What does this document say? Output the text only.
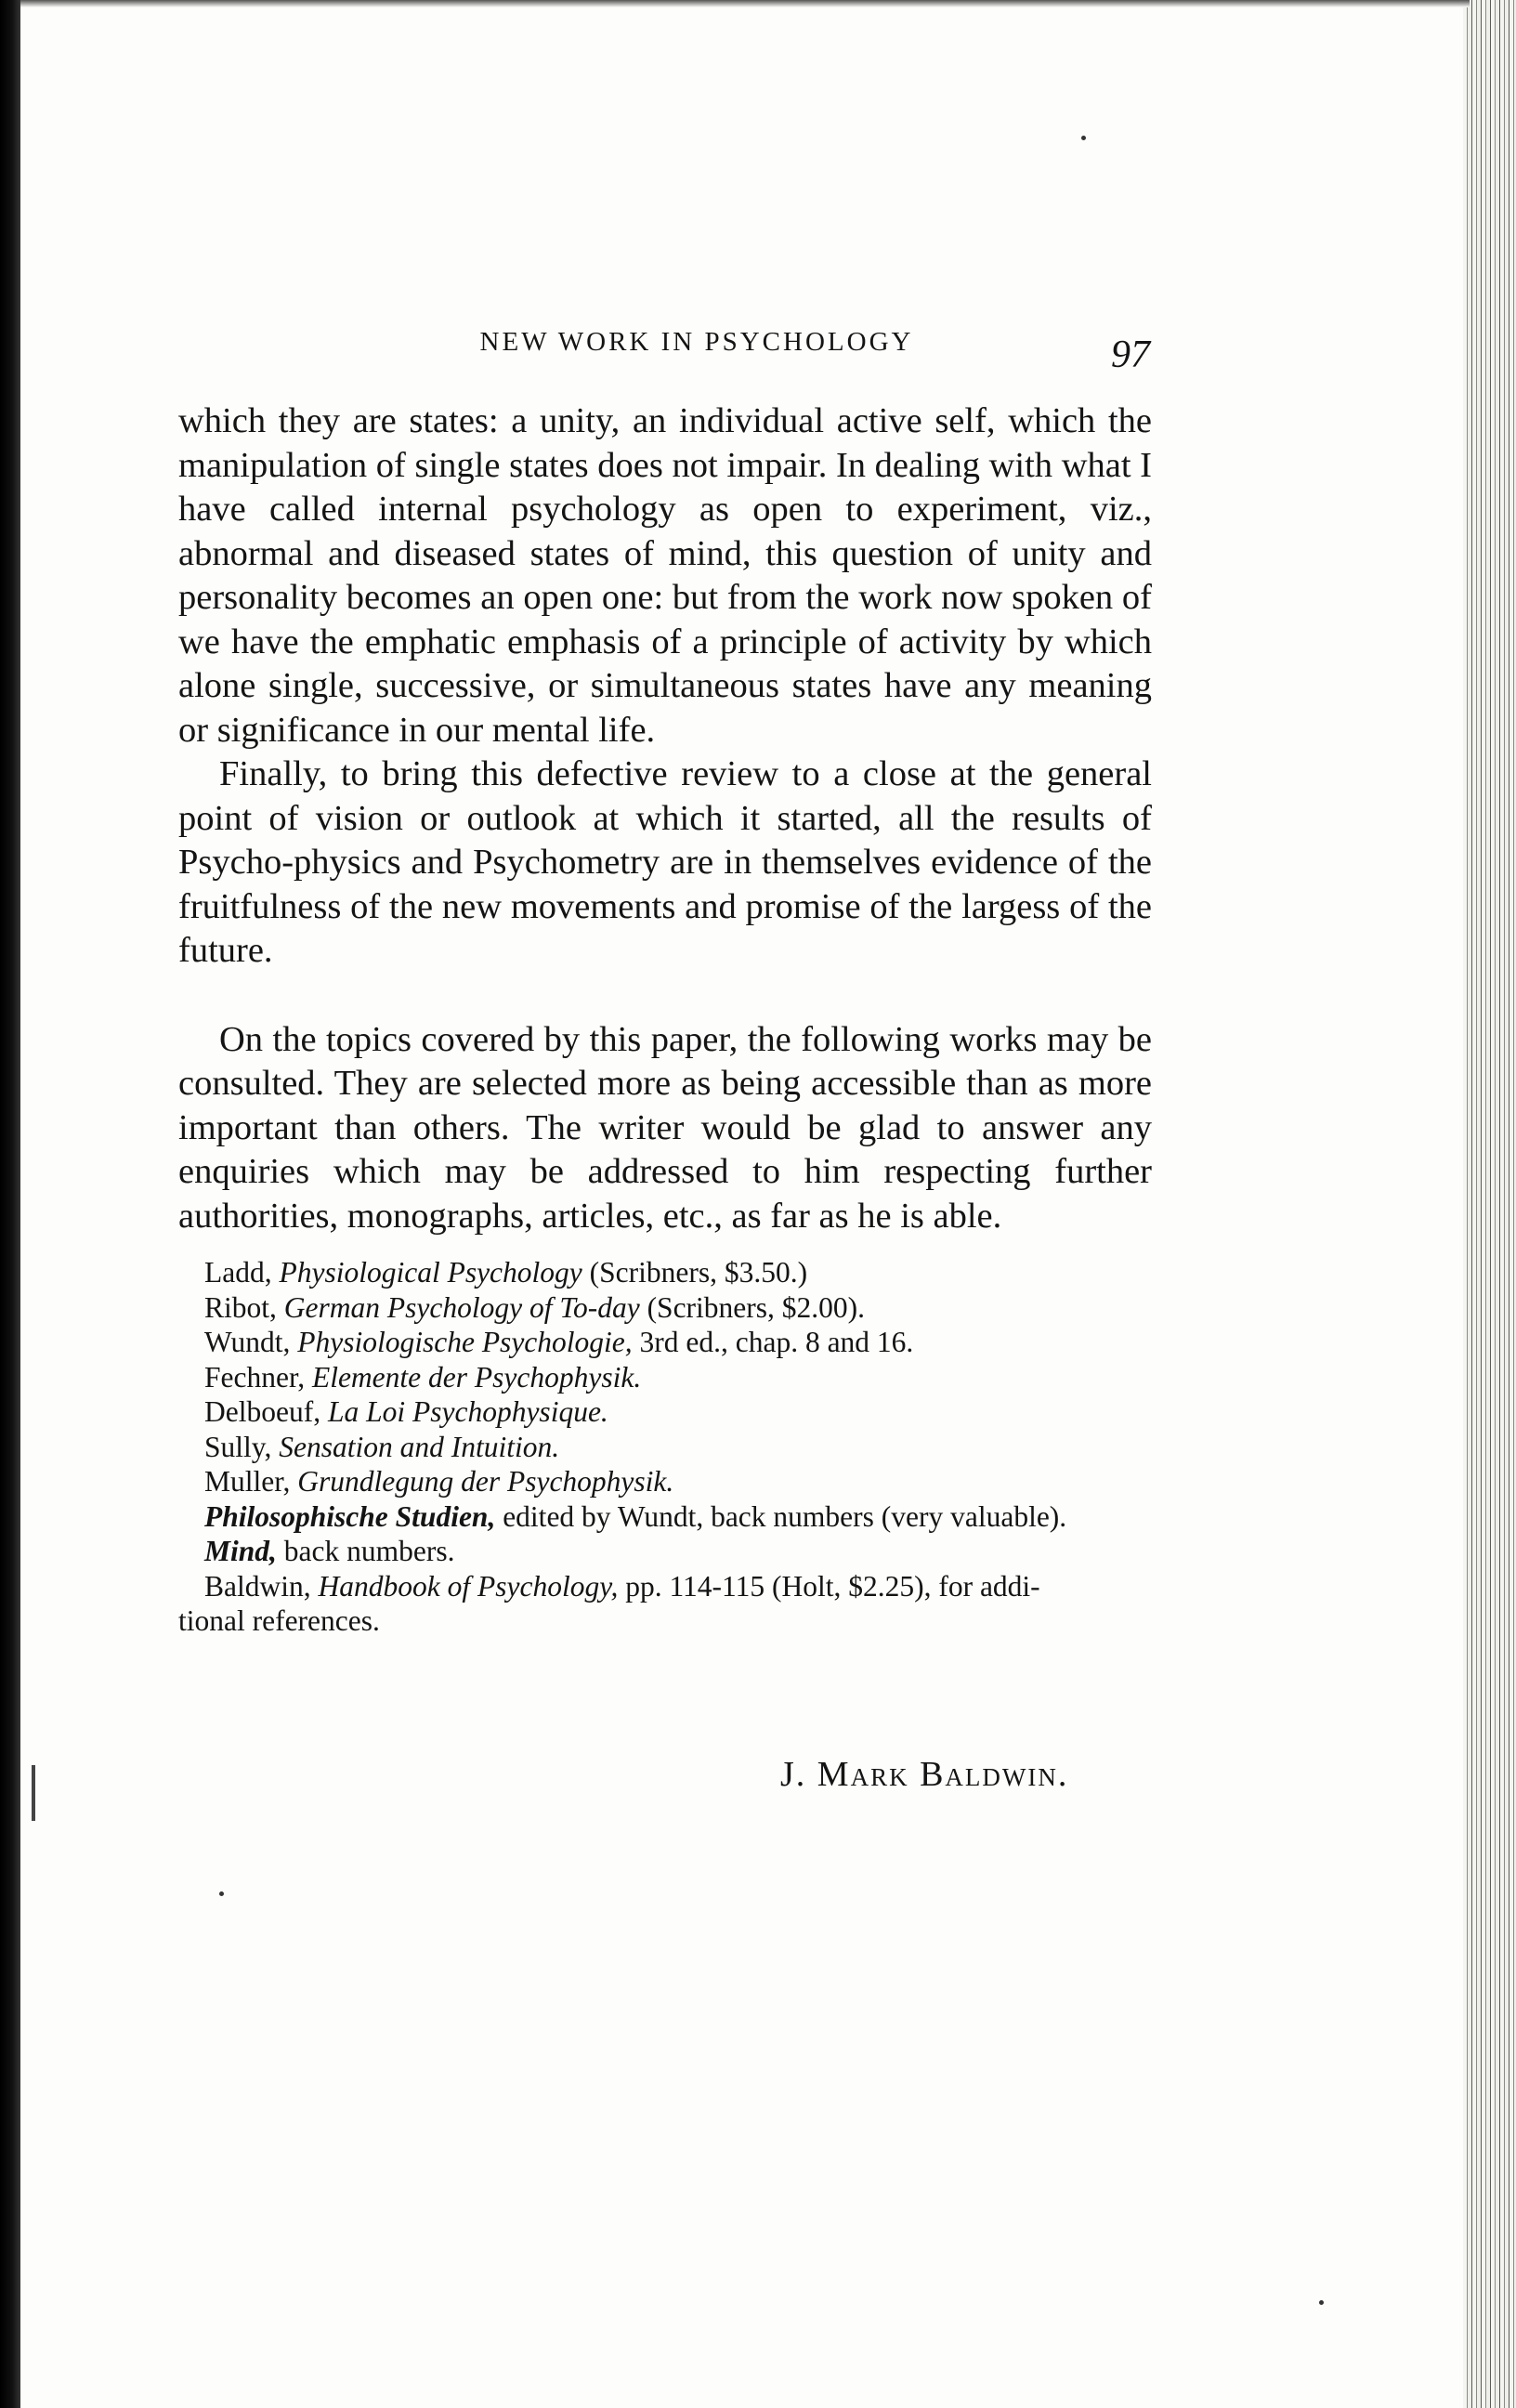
NEW WORK IN PSYCHOLOGY	97

which they are states: a unity, an individual active self, which the manipulation of single states does not impair. In dealing with what I have called internal psychology as open to experiment, viz., abnormal and diseased states of mind, this question of unity and personality becomes an open one: but from the work now spoken of we have the emphatic emphasis of a principle of activity by which alone single, successive, or simultaneous states have any meaning or significance in our mental life.

Finally, to bring this defective review to a close at the general point of vision or outlook at which it started, all the results of Psycho-physics and Psychometry are in themselves evidence of the fruitfulness of the new movements and promise of the largess of the future.

On the topics covered by this paper, the following works may be consulted. They are selected more as being accessible than as more important than others. The writer would be glad to answer any enquiries which may be addressed to him respecting further authorities, monographs, articles, etc., as far as he is able.

Ladd, Physiological Psychology (Scribners, $3.50.)
Ribot, German Psychology of To-day (Scribners, $2.00).
Wundt, Physiologische Psychologie, 3rd ed., chap. 8 and 16.
Fechner, Elemente der Psychophysik.
Delboeuf, La Loi Psychophysique.
Sully, Sensation and Intuition.
Muller, Grundlegung der Psychophysik.
Philosophische Studien, edited by Wundt, back numbers (very valuable).
Mind, back numbers.
Baldwin, Handbook of Psychology, pp. 114-115 (Holt, $2.25), for addi-
tional references.
J. Mark Baldwin.
